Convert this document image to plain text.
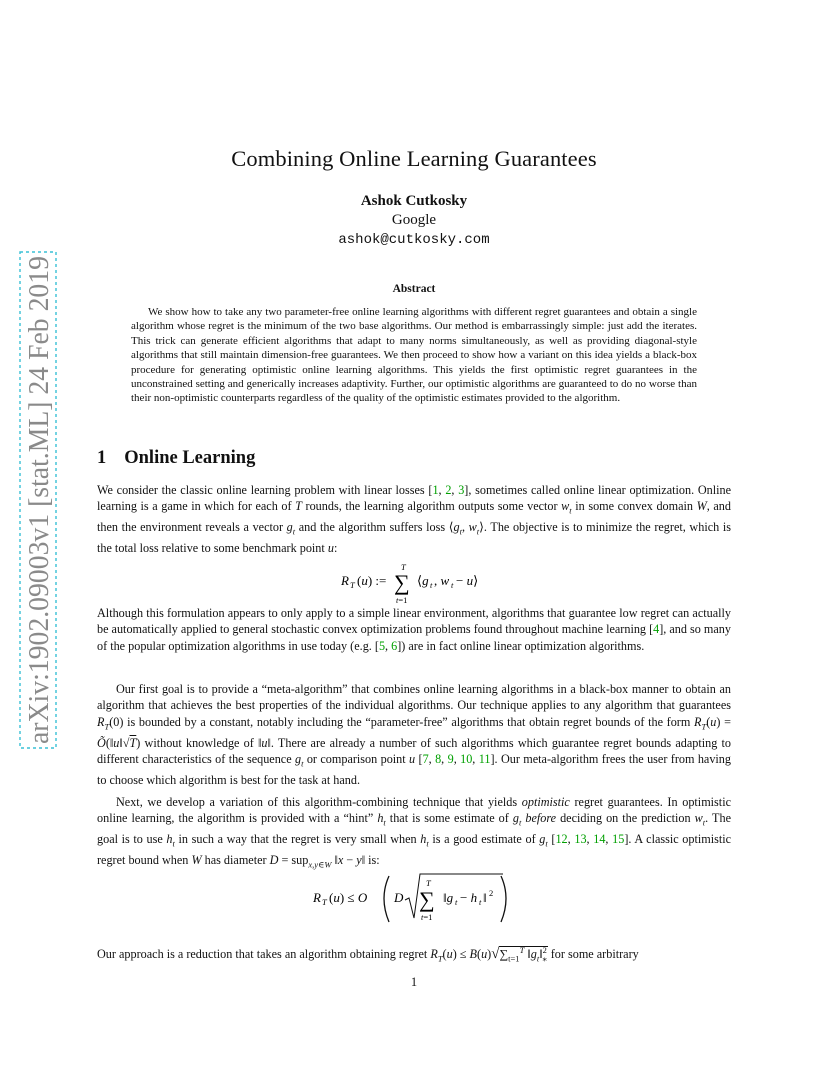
arXiv:1902.09003v1 [stat.ML] 24 Feb 2019
Combining Online Learning Guarantees
Ashok Cutkosky
Google
ashok@cutkosky.com
Abstract
We show how to take any two parameter-free online learning algorithms with different regret guarantees and obtain a single algorithm whose regret is the minimum of the two base algorithms. Our method is embarrassingly simple: just add the iterates. This trick can generate efficient algorithms that adapt to many norms simultaneously, as well as providing diagonal-style algorithms that still maintain dimension-free guarantees. We then proceed to show how a variant on this idea yields a black-box procedure for generating optimistic online learning algorithms. This yields the first optimistic regret guarantees in the unconstrained setting and generically increases adaptivity. Further, our optimistic algorithms are guaranteed to do no worse than their non-optimistic counterparts regardless of the quality of the optimistic estimates provided to the algorithm.
1 Online Learning
We consider the classic online learning problem with linear losses [1, 2, 3], sometimes called online linear optimization. Online learning is a game in which for each of T rounds, the learning algorithm outputs some vector $w_t$ in some convex domain W, and then the environment reveals a vector $g_t$ and the algorithm suffers loss $⟨g_t$, $w_t⟩$. The objective is to minimize the regret, which is the total loss relative to some benchmark point u:
R T (u) :=
T
∑
t=1
⟨g t , w t − u⟩
Although this formulation appears to only apply to a simple linear environment, algorithms that guarantee low regret can actually be automatically applied to general stochastic convex optimization problems found throughout machine learning [4], and so many of the popular optimization algorithms in use today (e.g. [5, 6]) are in fact online linear optimization algorithms.
Our first goal is to provide a “meta-algorithm” that combines online learning algorithms in a black-box manner to obtain an algorithm that achieves the best properties of the individual algorithms. Our technique applies to any algorithm that guarantees $R_T(0)$ is bounded by a constant, notably including the “parameter-free” algorithms that obtain regret bounds of the form $R_T(u)$ = Õ(‖u‖√T) without knowledge of ‖u‖. There are already a number of such algorithms which guarantee regret bounds adapting to different characteristics of the sequence $g_t$ or comparison point u [7, 8, 9, 10, 11]. Our meta-algorithm frees the user from having to choose which algorithm is best for the task at hand.
Next, we develop a variation of this algorithm-combining technique that yields optimistic regret guarantees. In optimistic online learning, the algorithm is provided with a “hint” $h_t$ that is some estimate of $g_t$ before deciding on the prediction $w_t$. The goal is to use $h_t$ in such a way that the regret is very small when $h_t$ is a good estimate of $g_t$ [12, 13, 14, 15]. A classic optimistic regret bound when W has diameter D = sup$_{x,y\in W}$ ‖x − y‖ is:
R T (u) ≤ O D
T
∑
t=1
‖g t − h t ‖ 2
Our approach is a reduction that takes an algorithm obtaining regret $R_T(u) \le B(u)√\sum_{t=1}^T$ $‖g_t‖^2_∗$ for some arbitrary
1
